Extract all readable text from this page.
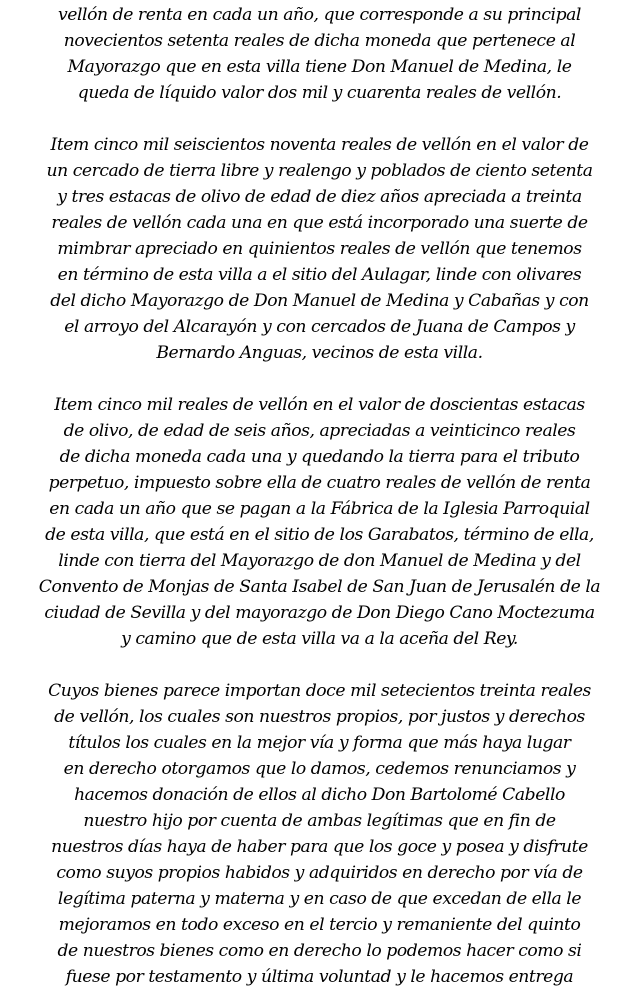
vellón de renta en cada un año, que corresponde a su principal
novecientos setenta reales de dicha moneda que pertenece al
Mayorazgo que en esta villa tiene Don Manuel de Medina, le
queda de líquido valor dos mil y cuarenta reales de vellón.
Item cinco mil seiscientos noventa reales de vellón en el valor de
un cercado de tierra libre y realengo y poblados de ciento setenta
y tres estacas de olivo de edad de diez años apreciada a treinta
reales de vellón cada una en que está incorporado una suerte de
mimbrar apreciado en quinientos reales de vellón que tenemos
en término de esta villa a el sitio del Aulagar, linde con olivares
del dicho Mayorazgo de Don Manuel de Medina y Cabañas y con
el arroyo del Alcarayón y con cercados de Juana de Campos y
Bernardo Anguas, vecinos de esta villa.
Item cinco mil reales de vellón en el valor de doscientas estacas
de olivo, de edad de seis años, apreciadas a veinticinco reales
de dicha moneda cada una y quedando la tierra para el tributo
perpetuo, impuesto sobre ella de cuatro reales de vellón de renta
en cada un año que se pagan a la Fábrica de la Iglesia Parroquial
de esta villa, que está en el sitio de los Garabatos, término de ella,
linde con tierra del Mayorazgo de don Manuel de Medina y del
Convento de Monjas de Santa Isabel de San Juan de Jerusalén de la
ciudad de Sevilla y del mayorazgo de Don Diego Cano Moctezuma
y camino que de esta villa va a la aceña del Rey.
Cuyos bienes parece importan doce mil setecientos treinta reales
de vellón, los cuales son nuestros propios, por justos y derechos
títulos los cuales en la mejor vía y forma que más haya lugar
en derecho otorgamos que lo damos, cedemos renunciamos y
hacemos donación de ellos al dicho Don Bartolomé Cabello
nuestro hijo por cuenta de ambas legítimas que en fin de
nuestros días haya de haber para que los goce y posea y disfrute
como suyos propios habidos y adquiridos en derecho por vía de
legítima paterna y materna y en caso de que excedan de ella le
mejoramos en todo exceso en el tercio y remaniente del quinto
de nuestros bienes como en derecho lo podemos hacer como si
fuese por testamento y última voluntad y le hacemos entrega
